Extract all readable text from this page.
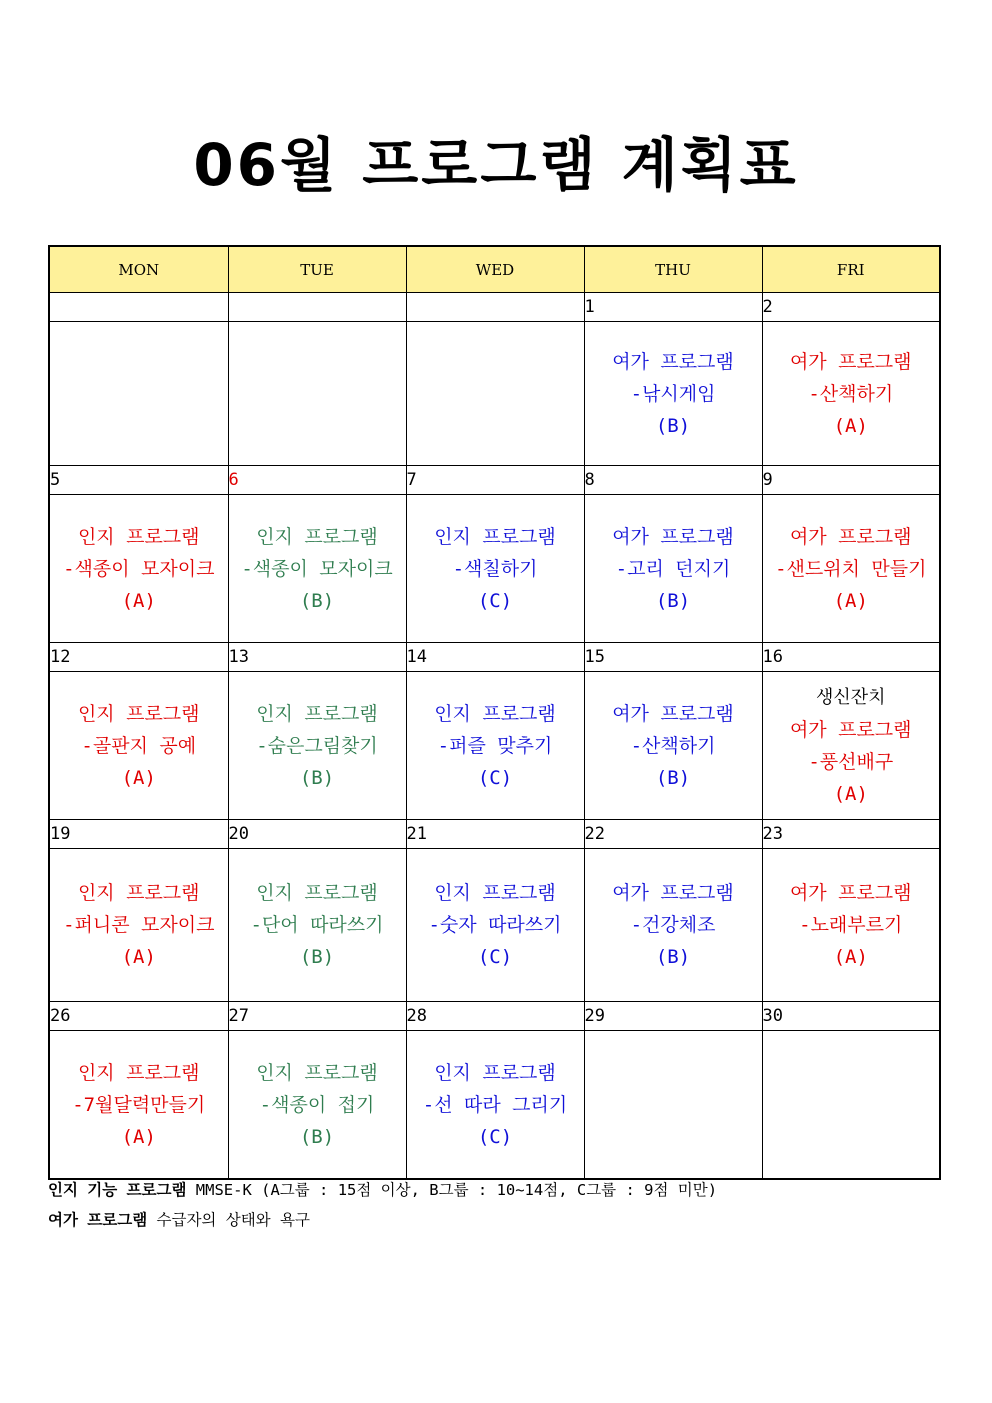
06월 프로그램 계획표
MON	TUE	WED	THU	FRI
			1	2

			여가 프로그램
-낚시게임
(B)	여가 프로그램
-산책하기
(A)

5	6	7	8	9

인지 프로그램
-색종이 모자이크
(A)	인지 프로그램
-색종이 모자이크
(B)	인지 프로그램
-색칠하기
(C)	여가 프로그램
-고리 던지기
(B)	여가 프로그램
-샌드위치 만들기
(A)

12	13	14	15	16

인지 프로그램
-골판지 공예
(A)	인지 프로그램
-숨은그림찾기
(B)	인지 프로그램
-퍼즐 맞추기
(C)	여가 프로그램
-산책하기
(B)	생신잔치
여가 프로그램
-풍선배구
(A)

19	20	21	22	23

인지 프로그램
-퍼니콘 모자이크
(A)	인지 프로그램
-단어 따라쓰기
(B)	인지 프로그램
-숫자 따라쓰기
(C)	여가 프로그램
-건강체조
(B)	여가 프로그램
-노래부르기
(A)

26	27	28	29	30

인지 프로그램
-7월달력만들기
(A)	인지 프로그램
-색종이 접기
(B)	인지 프로그램
-선 따라 그리기
(C)		

인지 기능 프로그램 MMSE-K (A그룹 : 15점 이상, B그룹 : 10~14점, C그룹 : 9점 미만)
여가 프로그램 수급자의 상태와 욕구
